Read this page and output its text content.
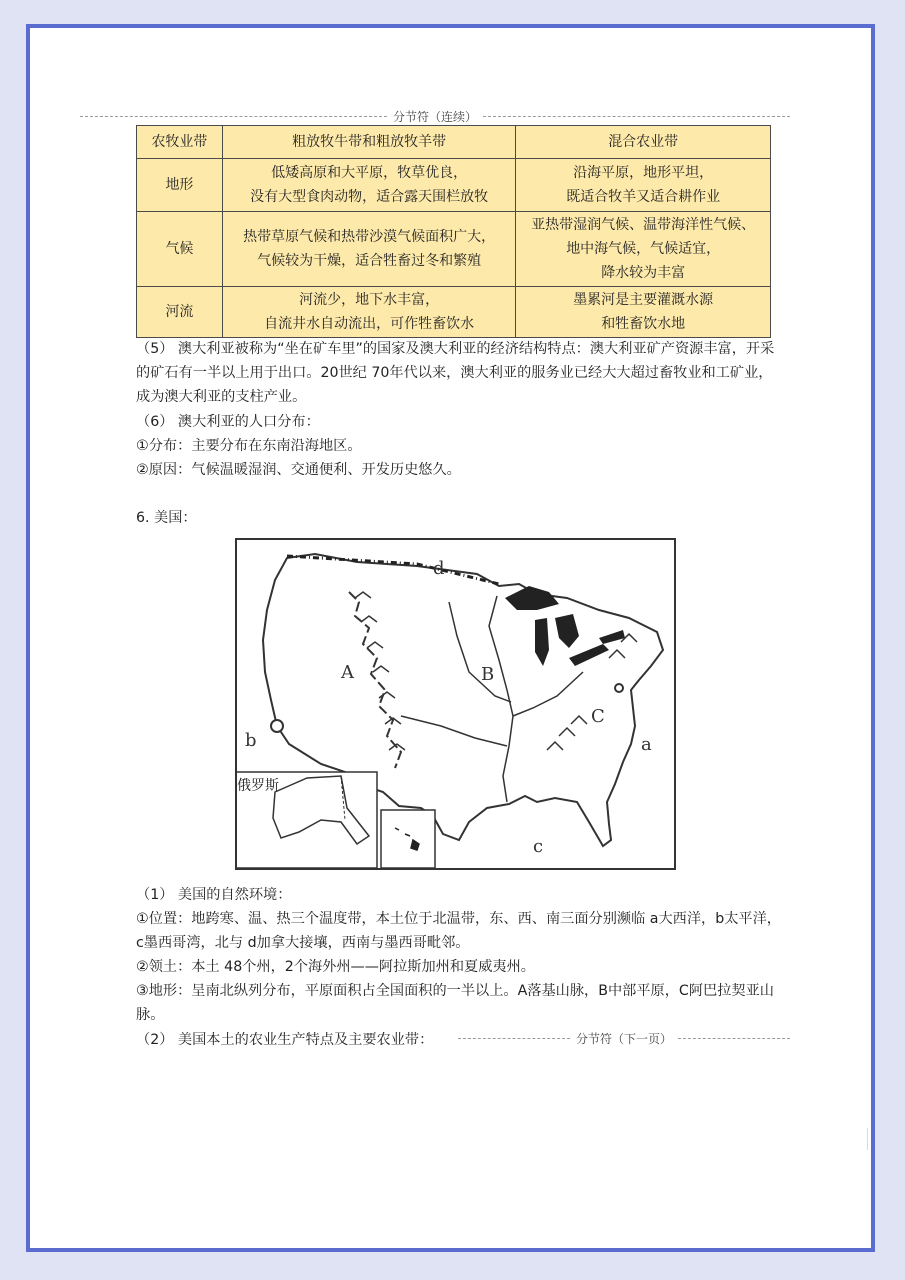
分节符（连续）
农牧业带	粗放牧牛带和粗放牧羊带	混合农业带
地形	低矮高原和大平原，牧草优良，
没有大型食肉动物，适合露天围栏放牧	沿海平原，地形平坦，
既适合牧羊又适合耕作业

气候	热带草原气候和热带沙漠气候面积广大，
气候较为干燥，适合牲畜过冬和繁殖	亚热带湿润气候、温带海洋性气候、
地中海气候，气候适宜，
降水较为丰富

河流	河流少，地下水丰富，
自流井水自动流出，可作牲畜饮水	墨累河是主要灌溉水源
和牲畜饮水地
（5） 澳大利亚被称为“坐在矿车里”的国家及澳大利亚的经济结构特点：澳大利亚矿产资源丰富，开采的矿石有一半以上用于出口。20世纪 70年代以来，澳大利亚的服务业已经大大超过畜牧业和工矿业，成为澳大利亚的支柱产业。
（6） 澳大利亚的人口分布：
①分布：主要分布在东南沿海地区。
②原因：气候温暖湿润、交通便利、开发历史悠久。
6. 美国：
d
A	B
C
a
b
c
俄罗斯
（1） 美国的自然环境：
①位置：地跨寒、温、热三个温度带，本土位于北温带，东、西、南三面分别濒临 a大西洋，b太平洋，c墨西哥湾，北与 d加拿大接壤，西南与墨西哥毗邻。
②领土：本土 48个州，2个海外州——阿拉斯加州和夏威夷州。
③地形：呈南北纵列分布，平原面积占全国面积的一半以上。A落基山脉，B中部平原，C阿巴拉契亚山脉。
（2） 美国本土的农业生产特点及主要农业带：	分节符（下一页）
